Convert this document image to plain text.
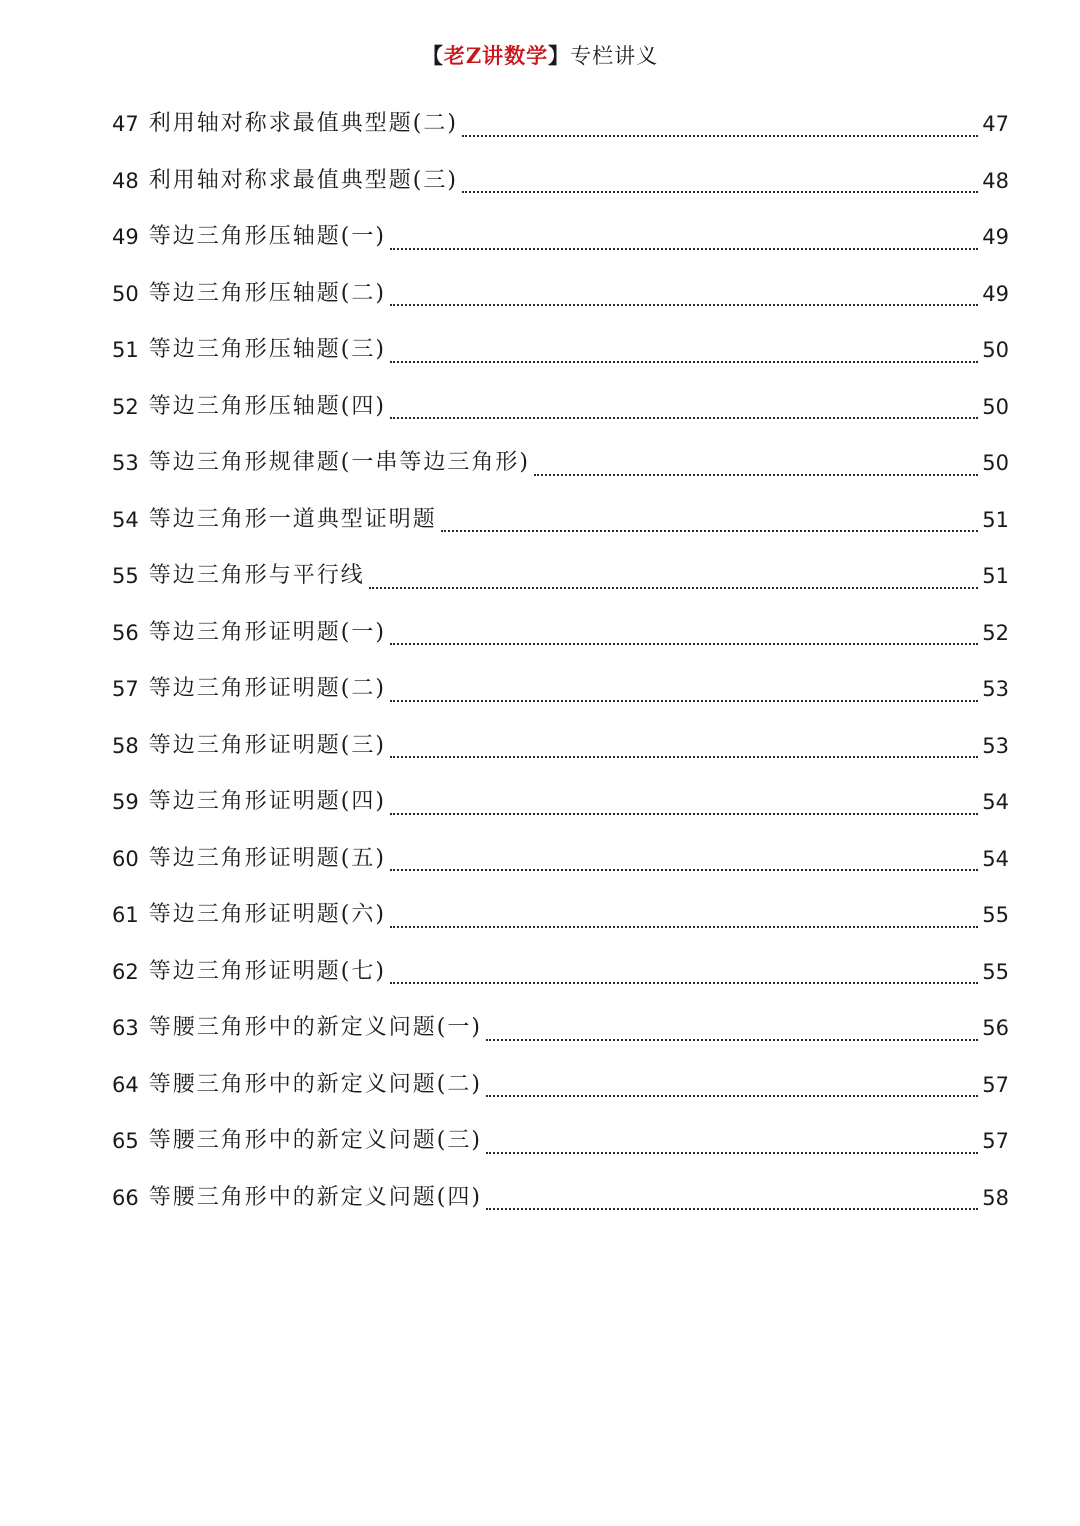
【老Z讲数学】专栏讲义
47 利用轴对称求最值典型题(二)	47
48 利用轴对称求最值典型题(三)	48
49 等边三角形压轴题(一)	49
50 等边三角形压轴题(二)	49
51 等边三角形压轴题(三)	50
52 等边三角形压轴题(四)	50
53 等边三角形规律题(一串等边三角形)	50
54 等边三角形一道典型证明题	51
55 等边三角形与平行线	51
56 等边三角形证明题(一)	52
57 等边三角形证明题(二)	53
58 等边三角形证明题(三)	53
59 等边三角形证明题(四)	54
60 等边三角形证明题(五)	54
61 等边三角形证明题(六)	55
62 等边三角形证明题(七)	55
63 等腰三角形中的新定义问题(一)	56
64 等腰三角形中的新定义问题(二)	57
65 等腰三角形中的新定义问题(三)	57
66 等腰三角形中的新定义问题(四)	58
